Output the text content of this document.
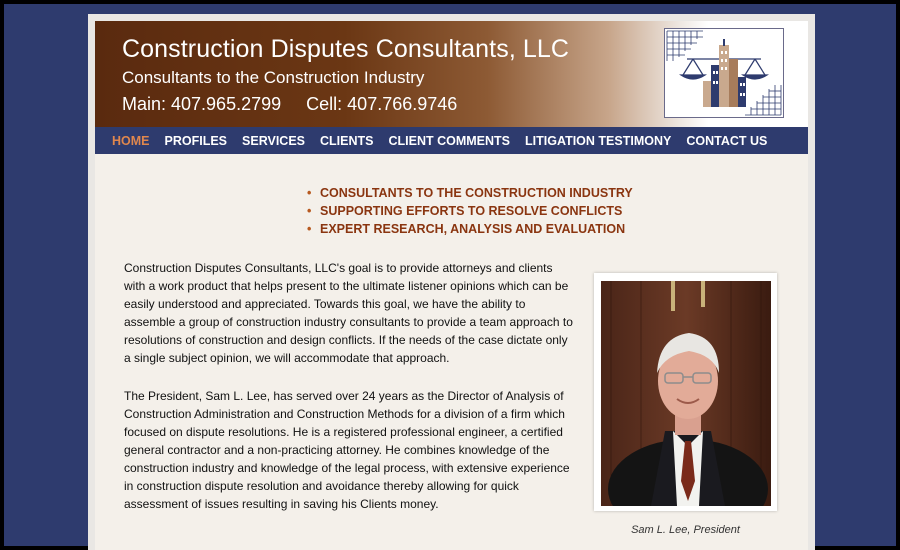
Construction Disputes Consultants, LLC
Consultants to the Construction Industry
Main: 407.965.2799 Cell: 407.766.9746
HOME PROFILES SERVICES CLIENTS CLIENT COMMENTS LITIGATION TESTIMONY CONTACT US
• CONSULTANTS TO THE CONSTRUCTION INDUSTRY
• SUPPORTING EFFORTS TO RESOLVE CONFLICTS
• EXPERT RESEARCH, ANALYSIS AND EVALUATION

Construction Disputes Consultants, LLC's goal is to provide attorneys and clients with a work product that helps present to the ultimate listener opinions which can be easily understood and appreciated. Towards this goal, we have the ability to assemble a group of construction industry consultants to provide a team approach to resolutions of construction and design conflicts. If the needs of the case dictate only a single subject opinion, we will accommodate that approach.

The President, Sam L. Lee, has served over 24 years as the Director of Analysis of Construction Administration and Construction Methods for a division of a firm which focused on dispute resolutions. He is a registered professional engineer, a certified general contractor and a non-practicing attorney. He combines knowledge of the construction industry and knowledge of the legal process, with extensive experience in construction dispute resolution and avoidance thereby allowing for quick assessment of issues resulting in saving his Clients money.

Sam L. Lee, President
